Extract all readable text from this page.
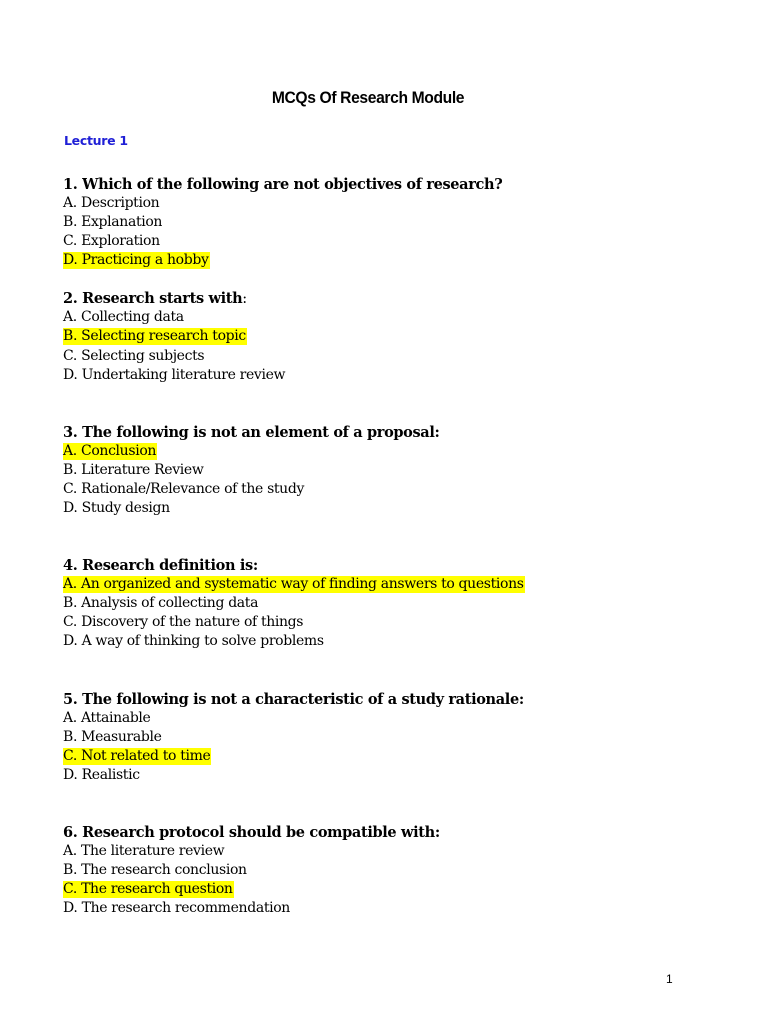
MCQs Of Research Module
Lecture 1
1. Which of the following are not objectives of research?
A. Description
B. Explanation
C. Exploration
D. Practicing a hobby
2. Research starts with:
A. Collecting data
B. Selecting research topic
C. Selecting subjects
D. Undertaking literature review
3. The following is not an element of a proposal:
A. Conclusion
B. Literature Review
C. Rationale/Relevance of the study
D. Study design
4. Research definition is:
A. An organized and systematic way of finding answers to questions
B. Analysis of collecting data
C. Discovery of the nature of things
D. A way of thinking to solve problems
5. The following is not a characteristic of a study rationale:
A. Attainable
B. Measurable
C. Not related to time
D. Realistic
6. Research protocol should be compatible with:
A. The literature review
B. The research conclusion
C. The research question
D. The research recommendation
1
